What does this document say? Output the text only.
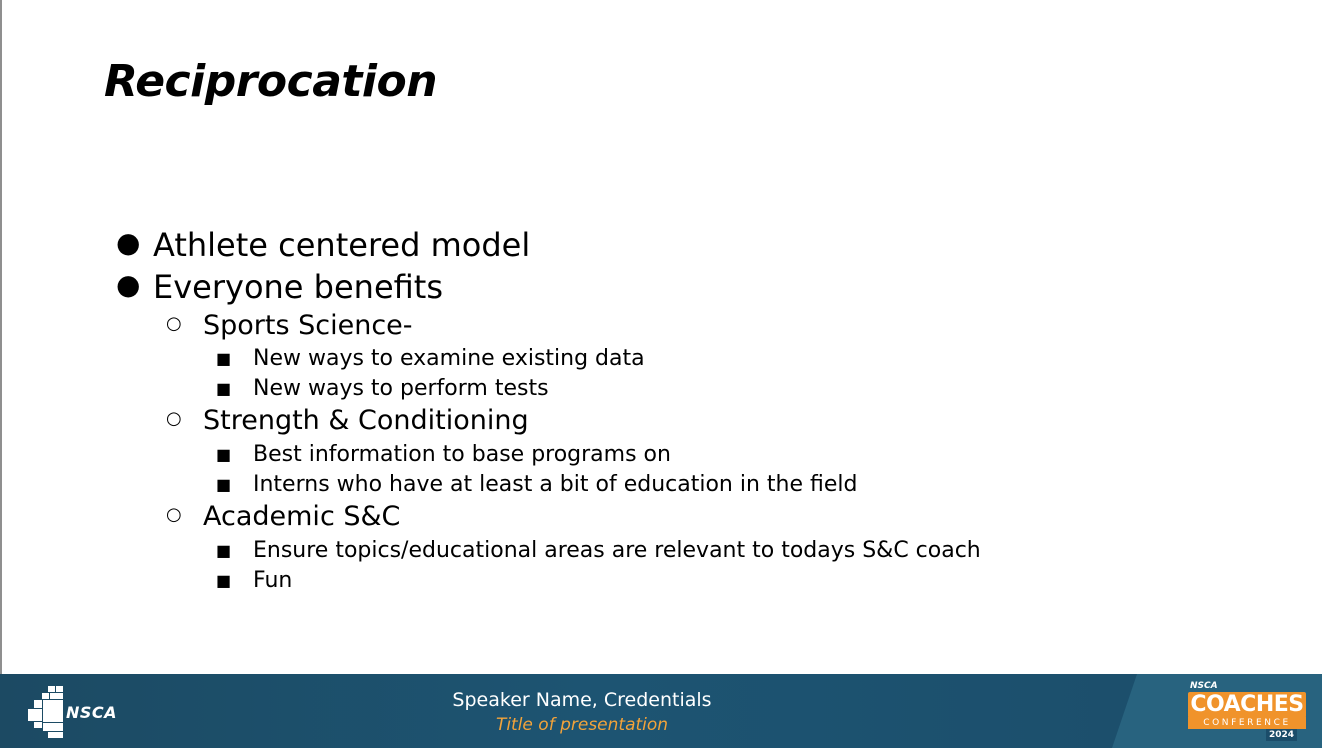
Reciprocation
● Athlete centered model
● Everyone benefits
○ Sports Science-
■ New ways to examine existing data
■ New ways to perform tests
○ Strength & Conditioning
■ Best information to base programs on
■ Interns who have at least a bit of education in the field
○ Academic S&C
■ Ensure topics/educational areas are relevant to todays S&C coach
■ Fun
NSCA
Speaker Name, Credentials
Title of presentation
NSCA
COACHES
CONFERENCE
2024
